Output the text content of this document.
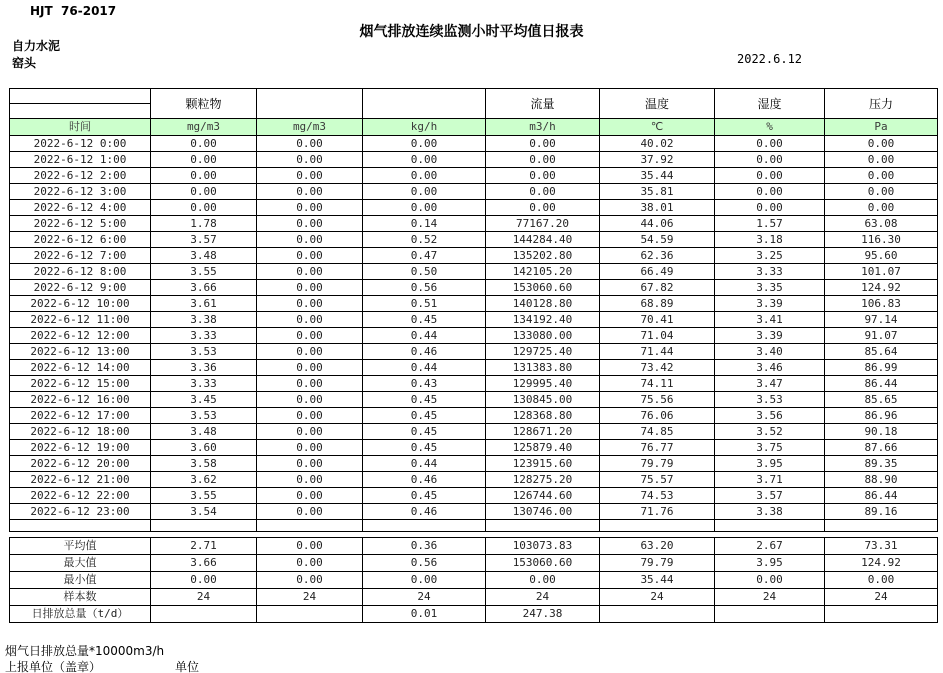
HJT  76-2017
烟气排放连续监测小时平均值日报表
自力水泥
窑头	2022.6.12
	颗粒物			流量	温度	湿度	压力

时间	mg/m3	mg/m3	kg/h	m3/h	℃	%	Pa
2022-6-12 0:00	0.00	0.00	0.00	0.00	40.02	0.00	0.00
2022-6-12 1:00	0.00	0.00	0.00	0.00	37.92	0.00	0.00
2022-6-12 2:00	0.00	0.00	0.00	0.00	35.44	0.00	0.00
2022-6-12 3:00	0.00	0.00	0.00	0.00	35.81	0.00	0.00
2022-6-12 4:00	0.00	0.00	0.00	0.00	38.01	0.00	0.00
2022-6-12 5:00	1.78	0.00	0.14	77167.20	44.06	1.57	63.08
2022-6-12 6:00	3.57	0.00	0.52	144284.40	54.59	3.18	116.30
2022-6-12 7:00	3.48	0.00	0.47	135202.80	62.36	3.25	95.60
2022-6-12 8:00	3.55	0.00	0.50	142105.20	66.49	3.33	101.07
2022-6-12 9:00	3.66	0.00	0.56	153060.60	67.82	3.35	124.92
2022-6-12 10:00	3.61	0.00	0.51	140128.80	68.89	3.39	106.83
2022-6-12 11:00	3.38	0.00	0.45	134192.40	70.41	3.41	97.14
2022-6-12 12:00	3.33	0.00	0.44	133080.00	71.04	3.39	91.07
2022-6-12 13:00	3.53	0.00	0.46	129725.40	71.44	3.40	85.64
2022-6-12 14:00	3.36	0.00	0.44	131383.80	73.42	3.46	86.99
2022-6-12 15:00	3.33	0.00	0.43	129995.40	74.11	3.47	86.44
2022-6-12 16:00	3.45	0.00	0.45	130845.00	75.56	3.53	85.65
2022-6-12 17:00	3.53	0.00	0.45	128368.80	76.06	3.56	86.96
2022-6-12 18:00	3.48	0.00	0.45	128671.20	74.85	3.52	90.18
2022-6-12 19:00	3.60	0.00	0.45	125879.40	76.77	3.75	87.66
2022-6-12 20:00	3.58	0.00	0.44	123915.60	79.79	3.95	89.35
2022-6-12 21:00	3.62	0.00	0.46	128275.20	75.57	3.71	88.90
2022-6-12 22:00	3.55	0.00	0.45	126744.60	74.53	3.57	86.44
2022-6-12 23:00	3.54	0.00	0.46	130746.00	71.76	3.38	89.16

平均值	2.71	0.00	0.36	103073.83	63.20	2.67	73.31
最大值	3.66	0.00	0.56	153060.60	79.79	3.95	124.92
最小值	0.00	0.00	0.00	0.00	35.44	0.00	0.00
样本数	24	24	24	24	24	24	24
日排放总量（t/d）			0.01	247.38			
烟气日排放总量*10000m3/h
上报单位（盖章）	单位
